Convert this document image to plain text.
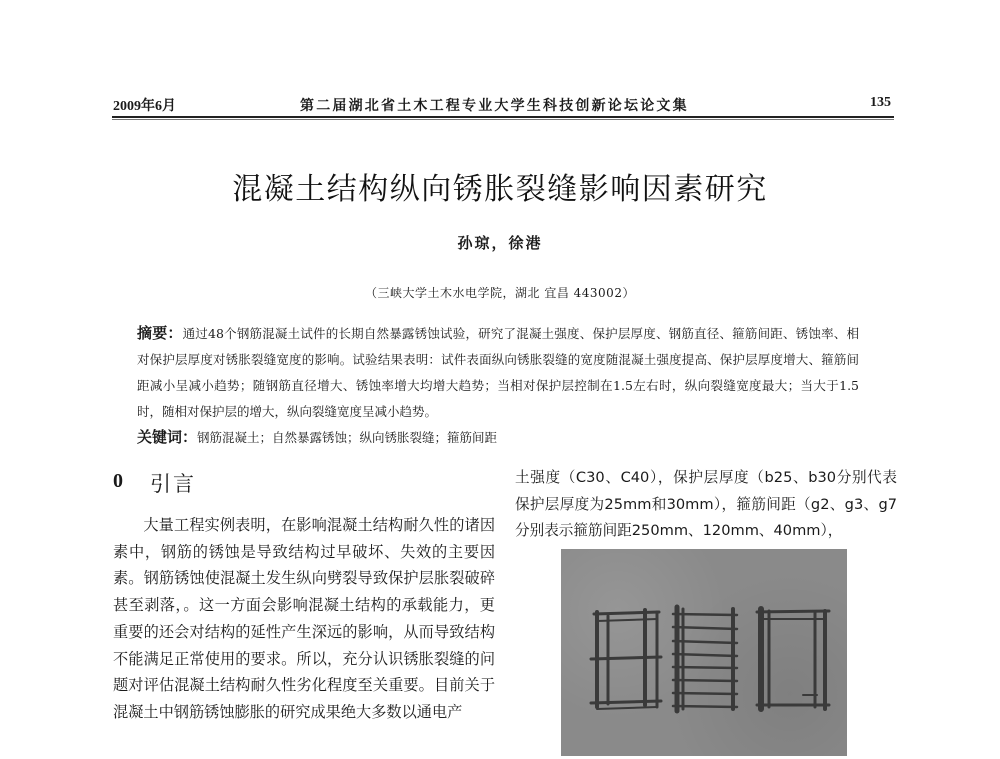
2009年6月	第二届湖北省土木工程专业大学生科技创新论坛论文集	135
混凝土结构纵向锈胀裂缝影响因素研究
孙琼，徐港
（三峡大学土木水电学院，湖北 宜昌 443002）
摘要：通过48个钢筋混凝土试件的长期自然暴露锈蚀试验，研究了混凝土强度、保护层厚度、钢筋直径、箍筋间距、锈蚀率、相对保护层厚度对锈胀裂缝宽度的影响。试验结果表明：试件表面纵向锈胀裂缝的宽度随混凝土强度提高、保护层厚度增大、箍筋间距减小呈减小趋势；随钢筋直径增大、锈蚀率增大均增大趋势；当相对保护层控制在1.5左右时，纵向裂缝宽度最大；当大于1.5时，随相对保护层的增大，纵向裂缝宽度呈减小趋势。
关键词：钢筋混凝土；自然暴露锈蚀；纵向锈胀裂缝；箍筋间距
0 引言

大量工程实例表明，在影响混凝土结构耐久性的诸因素中，钢筋的锈蚀是导致结构过早破坏、失效的主要因素。钢筋锈蚀使混凝土发生纵向劈裂导致保护层胀裂破碎甚至剥落，。这一方面会影响混凝土结构的承载能力，更重要的还会对结构的延性产生深远的影响，从而导致结构不能满足正常使用的要求。所以，充分认识锈胀裂缝的问题对评估混凝土结构耐久性劣化程度至关重要。目前关于混凝土中钢筋锈蚀膨胀的研究成果绝大多数以通电产

土强度（C30、C40），保护层厚度（b25、b30分别代表保护层厚度为25mm和30mm），箍筋间距（g2、g3、g7分别表示箍筋间距250mm、120mm、40mm），
